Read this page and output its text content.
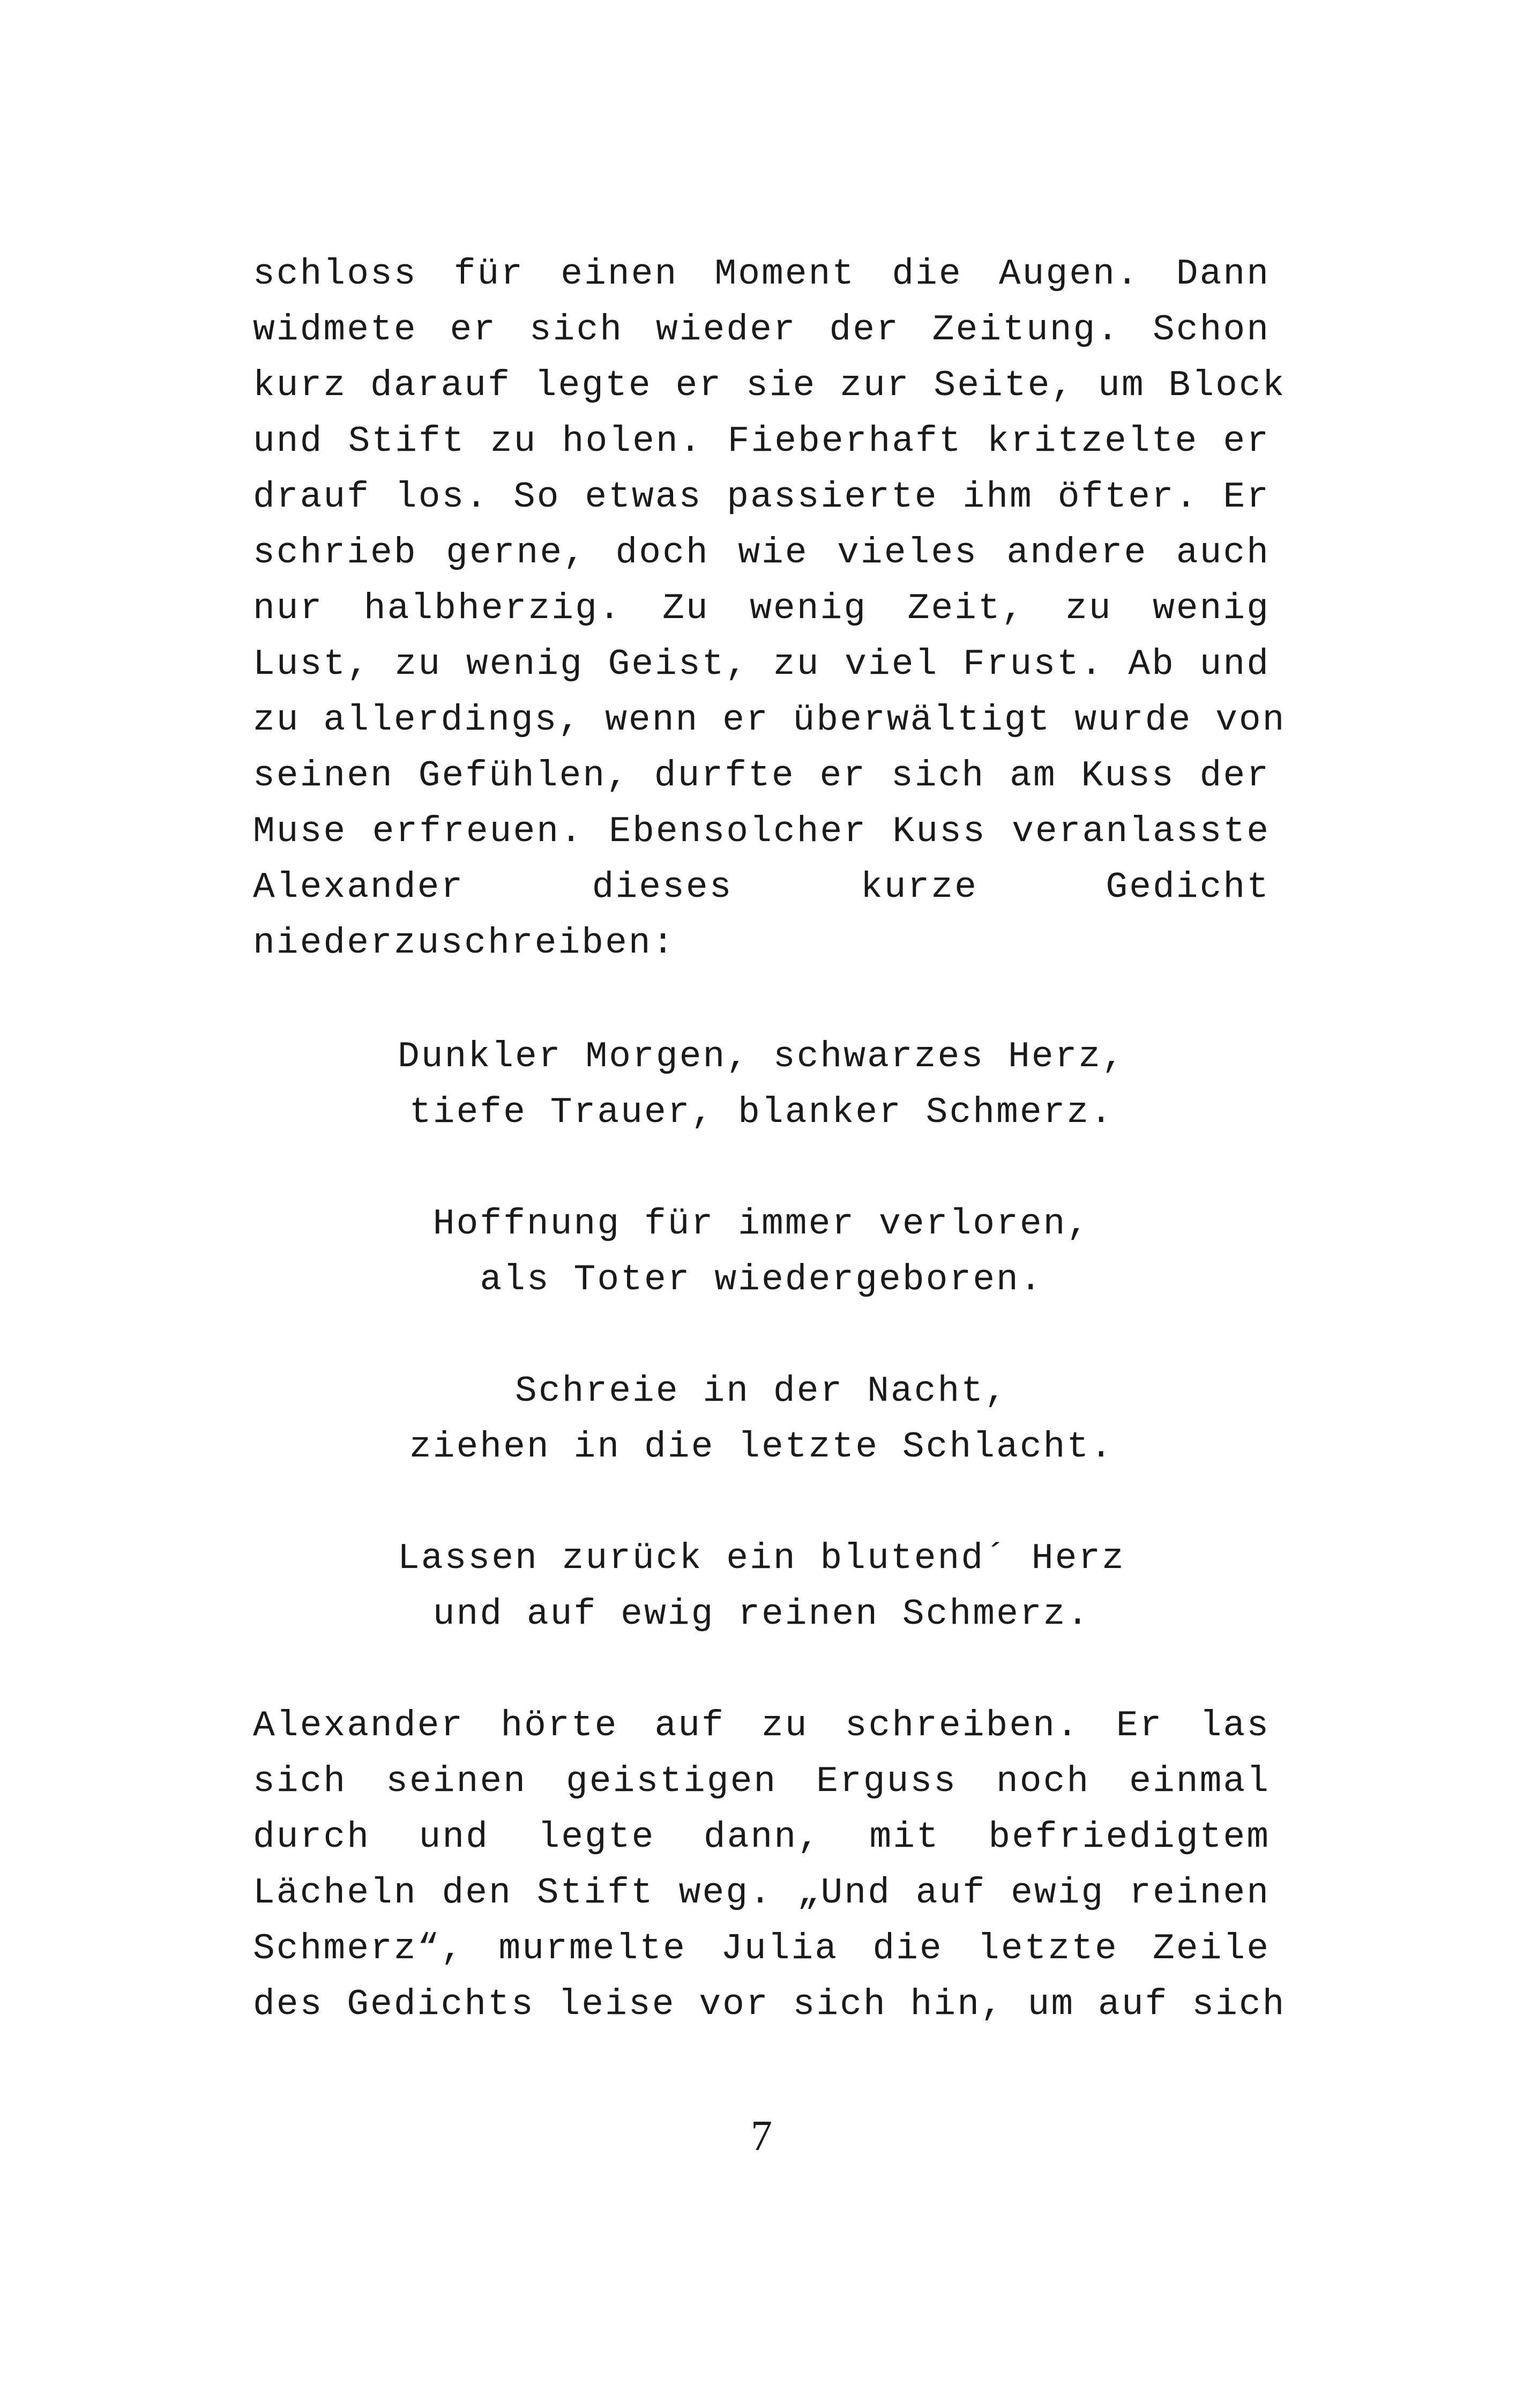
schloss für einen Moment die Augen. Dann
widmete er sich wieder der Zeitung. Schon
kurz darauf legte er sie zur Seite, um Block
und Stift zu holen. Fieberhaft kritzelte er
drauf los. So etwas passierte ihm öfter. Er
schrieb gerne, doch wie vieles andere auch
nur halbherzig. Zu wenig Zeit, zu wenig
Lust, zu wenig Geist, zu viel Frust. Ab und
zu allerdings, wenn er überwältigt wurde von
seinen Gefühlen, durfte er sich am Kuss der
Muse erfreuen. Ebensolcher Kuss veranlasste
Alexander dieses kurze Gedicht
niederzuschreiben:
Dunkler Morgen, schwarzes Herz,
tiefe Trauer, blanker Schmerz.
Hoffnung für immer verloren,
als Toter wiedergeboren.
Schreie in der Nacht,
ziehen in die letzte Schlacht.
Lassen zurück ein blutend´ Herz
und auf ewig reinen Schmerz.
Alexander hörte auf zu schreiben. Er las
sich seinen geistigen Erguss noch einmal
durch und legte dann, mit befriedigtem
Lächeln den Stift weg. „Und auf ewig reinen
Schmerz“, murmelte Julia die letzte Zeile
des Gedichts leise vor sich hin, um auf sich
7
